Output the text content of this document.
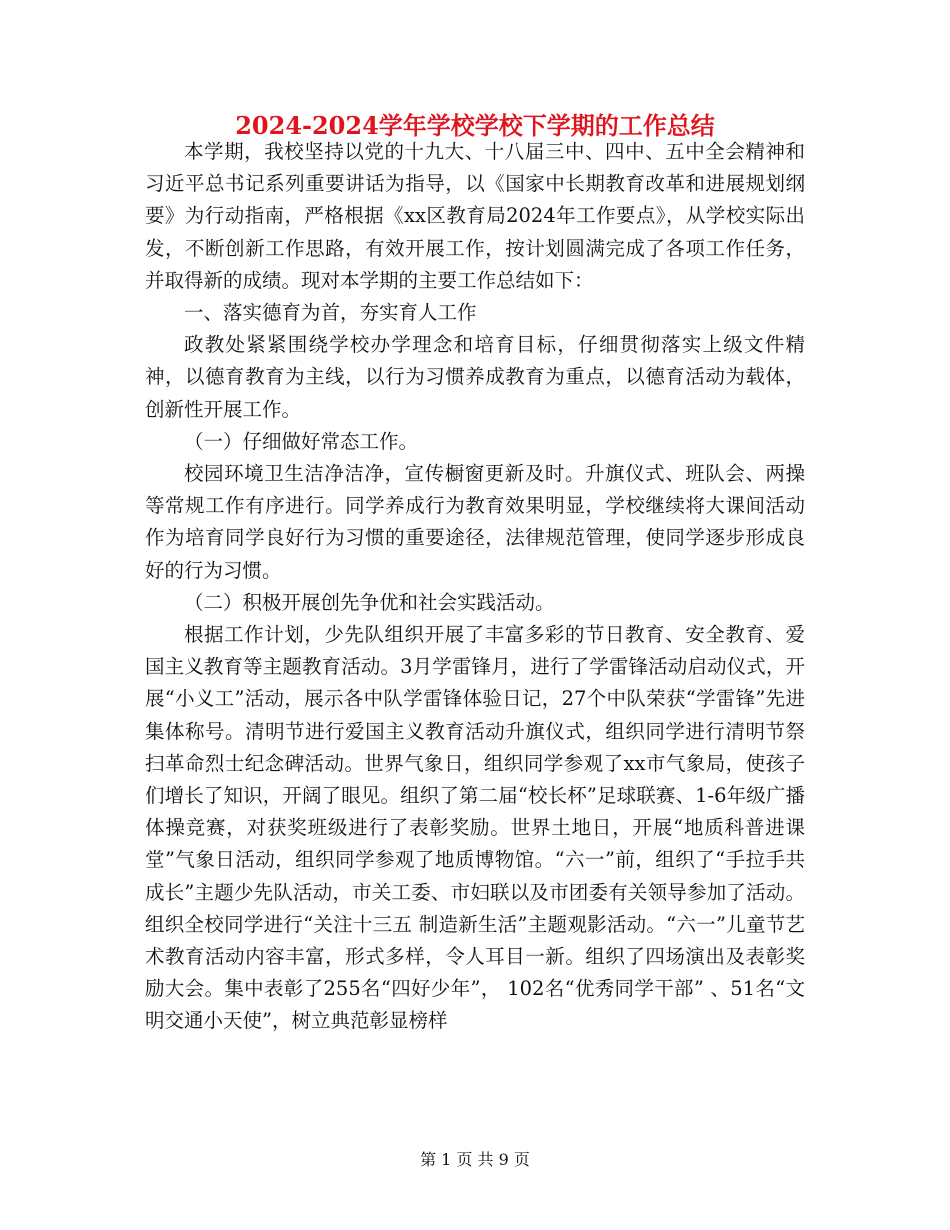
2024-2024学年学校学校下学期的工作总结

本学期，我校坚持以党的十九大、十八届三中、四中、五中全会精神和习近平总书记系列重要讲话为指导，以《国家中长期教育改革和进展规划纲要》为行动指南，严格根据《xx区教育局2024年工作要点》，从学校实际出发，不断创新工作思路，有效开展工作，按计划圆满完成了各项工作任务，并取得新的成绩。现对本学期的主要工作总结如下：

一、落实德育为首，夯实育人工作

政教处紧紧围绕学校办学理念和培育目标，仔细贯彻落实上级文件精神，以德育教育为主线，以行为习惯养成教育为重点，以德育活动为载体，创新性开展工作。

（一）仔细做好常态工作。

校园环境卫生洁净洁净，宣传橱窗更新及时。升旗仪式、班队会、两操等常规工作有序进行。同学养成行为教育效果明显，学校继续将大课间活动作为培育同学良好行为习惯的重要途径，法律规范管理，使同学逐步形成良好的行为习惯。

（二）积极开展创先争优和社会实践活动。

根据工作计划，少先队组织开展了丰富多彩的节日教育、安全教育、爱国主义教育等主题教育活动。3月学雷锋月，进行了学雷锋活动启动仪式，开展“小义工”活动，展示各中队学雷锋体验日记，27个中队荣获“学雷锋”先进集体称号。清明节进行爱国主义教育活动升旗仪式，组织同学进行清明节祭扫革命烈士纪念碑活动。世界气象日，组织同学参观了xx市气象局，使孩子们增长了知识，开阔了眼见。组织了第二届“校长杯”足球联赛、1-6年级广播体操竞赛，对获奖班级进行了表彰奖励。世界土地日，开展“地质科普进课堂”气象日活动，组织同学参观了地质博物馆。“六一”前，组织了“手拉手共成长”主题少先队活动，市关工委、市妇联以及市团委有关领导参加了活动。组织全校同学进行“关注十三五 制造新生活”主题观影活动。“六一”儿童节艺术教育活动内容丰富，形式多样，令人耳目一新。组织了四场演出及表彰奖励大会。集中表彰了255名“四好少年”， 102名“优秀同学干部” 、51名“文明交通小天使”，树立典范彰显榜样

第 1 页 共 9 页
